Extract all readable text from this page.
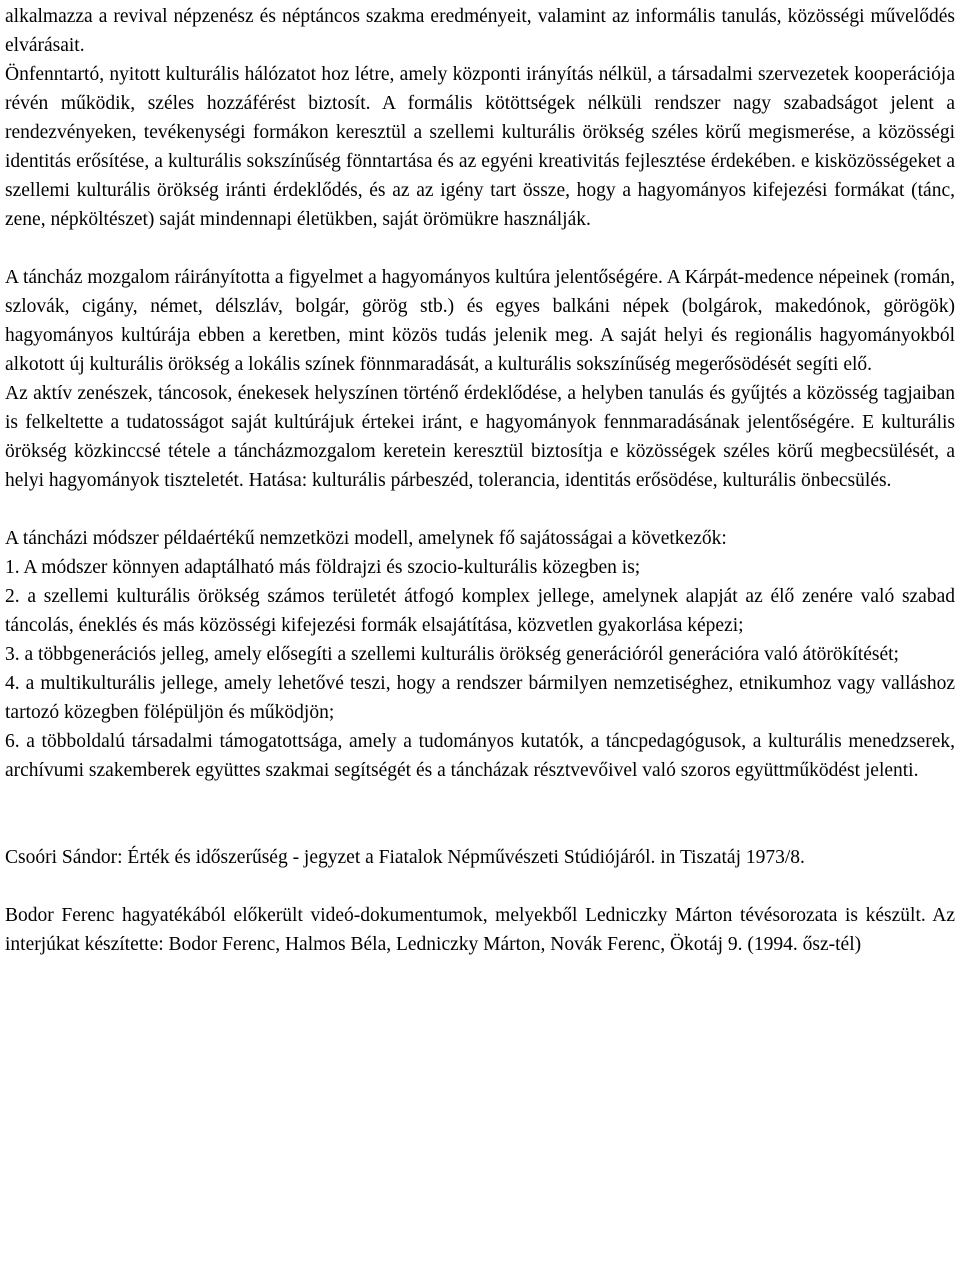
alkalmazza a revival népzenész és néptáncos szakma eredményeit, valamint az informális tanulás, közösségi művelődés elvárásait.

Önfenntartó, nyitott kulturális hálózatot hoz létre, amely központi irányítás nélkül, a társadalmi szervezetek kooperációja révén működik, széles hozzáférést biztosít. A formális kötöttségek nélküli rendszer nagy szabadságot jelent a rendezvényeken, tevékenységi formákon keresztül a szellemi kulturális örökség széles körű megismerése, a közösségi identitás erősítése, a kulturális sokszínűség fönntartása és az egyéni kreativitás fejlesztése érdekében. e kisközösségeket a szellemi kulturális örökség iránti érdeklődés, és az az igény tart össze, hogy a hagyományos kifejezési formákat (tánc, zene, népköltészet) saját mindennapi életükben, saját örömükre használják.

A táncház mozgalom ráirányította a figyelmet a hagyományos kultúra jelentőségére. A Kárpát-medence népeinek (román, szlovák, cigány, német, délszláv, bolgár, görög stb.) és egyes balkáni népek (bolgárok, makedónok, görögök) hagyományos kultúrája ebben a keretben, mint közös tudás jelenik meg. A saját helyi és regionális hagyományokból alkotott új kulturális örökség a lokális színek fönnmaradását, a kulturális sokszínűség megerősödését segíti elő.

Az aktív zenészek, táncosok, énekesek helyszínen történő érdeklődése, a helyben tanulás és gyűjtés a közösség tagjaiban is felkeltette a tudatosságot saját kultúrájuk értekei iránt, e hagyományok fennmaradásának jelentőségére. E kulturális örökség közkinccsé tétele a táncházmozgalom keretein keresztül biztosítja e közösségek széles körű megbecsülését, a helyi hagyományok tiszteletét. Hatása: kulturális párbeszéd, tolerancia, identitás erősödése, kulturális önbecsülés.

A táncházi módszer példaértékű nemzetközi modell, amelynek fő sajátosságai a következők:

1. A módszer könnyen adaptálható más földrajzi és szocio-kulturális közegben is;
2. a szellemi kulturális örökség számos területét átfogó komplex jellege, amelynek alapját az élő zenére való szabad táncolás, éneklés és más közösségi kifejezési formák elsajátítása, közvetlen gyakorlása képezi;
3. a többgenerációs jelleg, amely elősegíti a szellemi kulturális örökség generációról generációra való átörökítését;
4. a multikulturális jellege, amely lehetővé teszi, hogy a rendszer bármilyen nemzetiséghez, etnikumhoz vagy valláshoz tartozó közegben fölépüljön és működjön;
6. a többoldalú társadalmi támogatottsága, amely a tudományos kutatók, a táncpedagógusok, a kulturális menedzserek, archívumi szakemberek együttes szakmai segítségét és a táncházak résztvevőivel való szoros együttműködést jelenti.

Csoóri Sándor: Érték és időszerűség - jegyzet a Fiatalok Népművészeti Stúdiójáról. in Tiszatáj 1973/8.

Bodor Ferenc hagyatékából előkerült videó-dokumentumok, melyekből Ledniczky Márton tévésorozata is készült. Az interjúkat készítette: Bodor Ferenc, Halmos Béla, Ledniczky Márton, Novák Ferenc, Ökotáj 9. (1994. ősz-tél)
